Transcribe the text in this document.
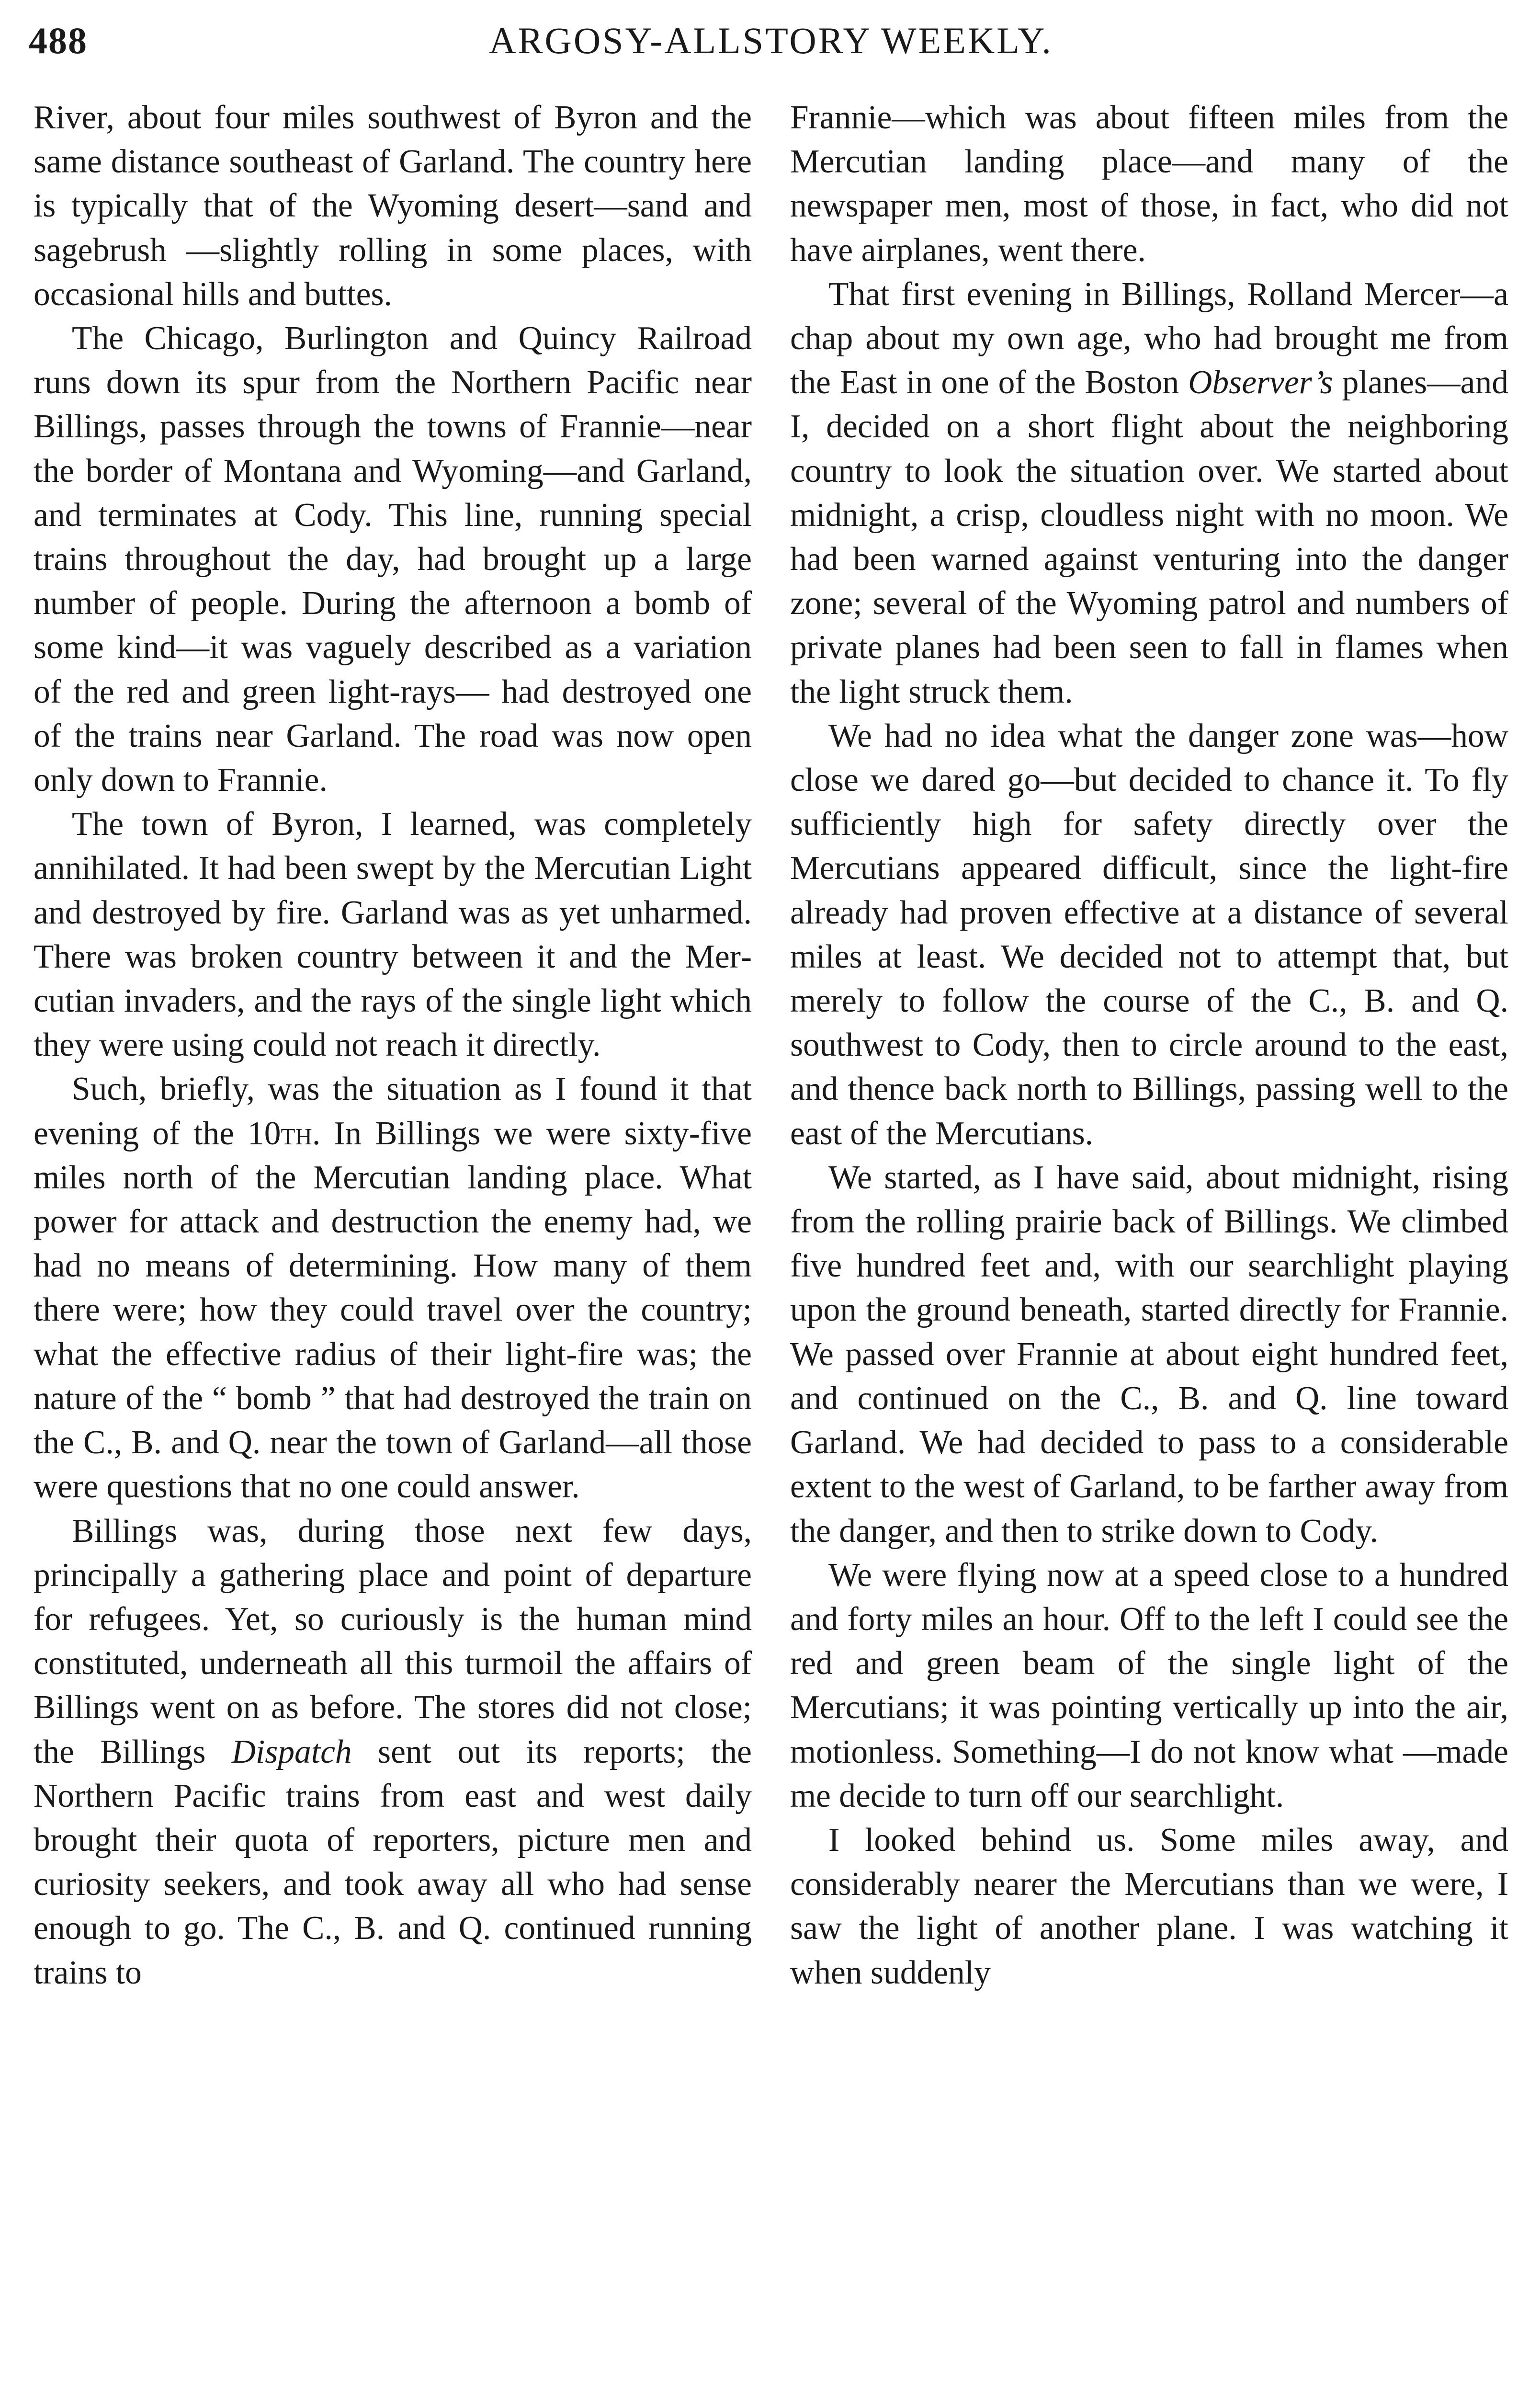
488	ARGOSY-ALLSTORY WEEKLY.

River, about four miles southwest of Byron and the same distance southeast of Garland. The country here is typically that of the Wyoming desert—sand and sagebrush —slightly rolling in some places, with occasional hills and buttes.

The Chicago, Burlington and Quincy Railroad runs down its spur from the Northern Pacific near Billings, passes through the towns of Frannie—near the border of Montana and Wyoming—and Garland, and terminates at Cody. This line, running special trains throughout the day, had brought up a large number of people. During the afternoon a bomb of some kind—it was vaguely described as a variation of the red and green light-rays— had destroyed one of the trains near Garland. The road was now open only down to Frannie.

The town of Byron, I learned, was completely annihilated. It had been swept by the Mercutian Light and destroyed by fire. Garland was as yet unharmed. There was broken country between it and the Mercutian invaders, and the rays of the single light which they were using could not reach it directly.

Such, briefly, was the situation as I found it that evening of the 10th. In Billings we were sixty-five miles north of the Mercutian landing place. What power for attack and destruction the enemy had, we had no means of determining. How many of them there were; how they could travel over the country; what the effective radius of their light-fire was; the nature of the “ bomb ” that had destroyed the train on the C., B. and Q. near the town of Garland—all those were questions that no one could answer.

Billings was, during those next few days, principally a gathering place and point of departure for refugees. Yet, so curiously is the human mind constituted, underneath all this turmoil the affairs of Billings went on as before. The stores did not close; the Billings Dispatch sent out its reports; the Northern Pacific trains from east and west daily brought their quota of reporters, picture men and curiosity seekers, and took away all who had sense enough to go. The C., B. and Q. continued running trains to

Frannie—which was about fifteen miles from the Mercutian landing place—and many of the newspaper men, most of those, in fact, who did not have airplanes, went there.

That first evening in Billings, Rolland Mercer—a chap about my own age, who had brought me from the East in one of the Boston Observer’s planes—and I, decided on a short flight about the neighboring country to look the situation over. We started about midnight, a crisp, cloudless night with no moon. We had been warned against venturing into the danger zone; several of the Wyoming patrol and numbers of private planes had been seen to fall in flames when the light struck them.

We had no idea what the danger zone was—how close we dared go—but decided to chance it. To fly sufficiently high for safety directly over the Mercutians appeared difficult, since the light-fire already had proven effective at a distance of several miles at least. We decided not to attempt that, but merely to follow the course of the C., B. and Q. southwest to Cody, then to circle around to the east, and thence back north to Billings, passing well to the east of the Mercutians.

We started, as I have said, about midnight, rising from the rolling prairie back of Billings. We climbed five hundred feet and, with our searchlight playing upon the ground beneath, started directly for Frannie. We passed over Frannie at about eight hundred feet, and continued on the C., B. and Q. line toward Garland. We had decided to pass to a considerable extent to the west of Garland, to be farther away from the danger, and then to strike down to Cody.

We were flying now at a speed close to a hundred and forty miles an hour. Off to the left I could see the red and green beam of the single light of the Mercutians; it was pointing vertically up into the air, motionless. Something—I do not know what —made me decide to turn off our searchlight.

I looked behind us. Some miles away, and considerably nearer the Mercutians than we were, I saw the light of another plane. I was watching it when suddenly
